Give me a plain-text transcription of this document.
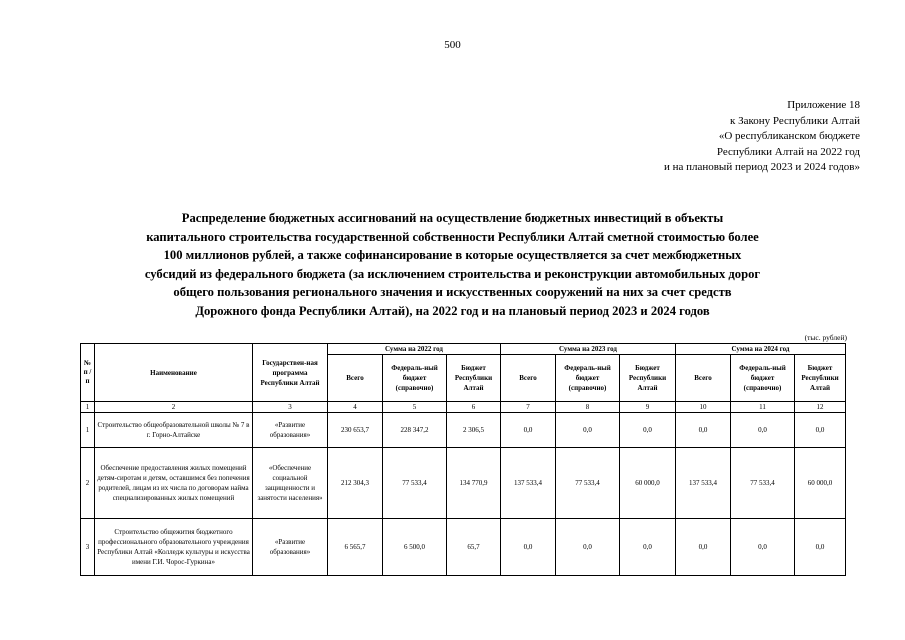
500
Приложение 18
к Закону Республики Алтай
«О республиканском бюджете
Республики Алтай на 2022 год
и на плановый период 2023 и 2024 годов»
Распределение бюджетных ассигнований на осуществление бюджетных инвестиций в объекты
капитального строительства государственной собственности Республики Алтай сметной стоимостью более
100 миллионов рублей, а также софинансирование в которые осуществляется за счет межбюджетных
субсидий из федерального бюджета (за исключением строительства и реконструкции автомобильных дорог
общего пользования регионального значения и искусственных сооружений на них за счет средств
Дорожного фонда Республики Алтай), на 2022 год и на плановый период 2023 и 2024 годов
(тыс. рублей)
№ п / п	Наименование	Государствен-ная программа Республики Алтай	Сумма на 2022 год			Сумма на 2023 год			Сумма на 2024 год		
			Всего	Федераль-ный бюджет (справочно)	Бюджет Республики Алтай	Всего	Федераль-ный бюджет (справочно)	Бюджет Республики Алтай	Всего	Федераль-ный бюджет (справочно)	Бюджет Республики Алтай
1	2	3	4	5	6	7	8	9	10	11	12
1	Строительство общеобразовательной школы № 7 в г. Горно-Алтайске	«Развитие образования»	230 653,7	228 347,2	2 306,5	0,0	0,0	0,0	0,0	0,0	0,0
2	Обеспечение предоставления жилых помещений детям-сиротам и детям, оставшимся без попечения родителей, лицам из их числа по договорам найма специализированных жилых помещений	«Обеспечение социальной защищенности и занятости населения»	212 304,3	77 533,4	134 770,9	137 533,4	77 533,4	60 000,0	137 533,4	77 533,4	60 000,0
3	Строительство общежития бюджетного профессионального образовательного учреждения Республики Алтай «Колледж культуры и искусства имени Г.И. Чорос-Гуркина»	«Развитие образования»	6 565,7	6 500,0	65,7	0,0	0,0	0,0	0,0	0,0	0,0
